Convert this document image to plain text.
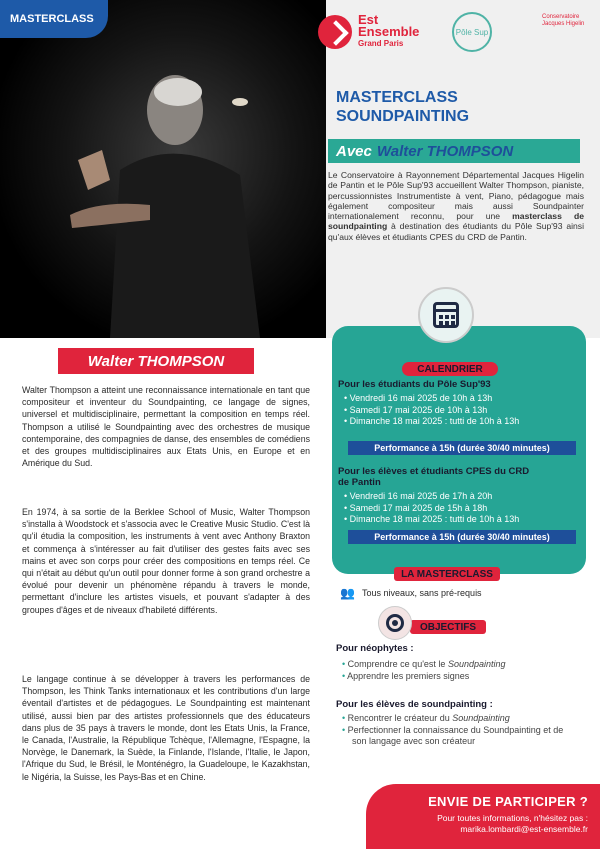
MASTERCLASS	Est
Ensemble
Grand Paris
Pôle Sup
Conservatoire Jacques Higelin
MASTERCLASS
SOUNDPAINTING
Avec Walter THOMPSON
Le Conservatoire à Rayonnement Départemental Jacques Higelin de Pantin et le Pôle Sup'93 accueillent Walter Thompson, pianiste, percussionnistes Instrumentiste à vent, Piano, pédagogue mais également compositeur mais aussi Soundpainter internationalement reconnu, pour une masterclass de soundpainting à destination des étudiants du Pôle Sup'93 ainsi qu'aux élèves et étudiants CPES du CRD de Pantin.
CALENDRIER
Pour les étudiants du Pôle Sup'93
• Vendredi 16 mai 2025 de 10h à 13h
• Samedi 17 mai 2025 de 10h à 13h
• Dimanche 18 mai 2025 : tutti de 10h à 13h
Performance à 15h (durée 30/40 minutes)
Pour les élèves et étudiants CPES du CRD
de Pantin
• Vendredi 16 mai 2025 de 17h à 20h
• Samedi 17 mai 2025 de 15h à 18h
• Dimanche 18 mai 2025 : tutti de 10h à 13h
Performance à 15h (durée 30/40 minutes)
LA MASTERCLASS
👥 Tous niveaux, sans pré-requis
OBJECTIFS
Pour néophytes :
• Comprendre ce qu'est le Soundpainting
• Apprendre les premiers signes
Pour les élèves de soundpainting :
• Rencontrer le créateur du Soundpainting
• Perfectionner la connaissance du Soundpainting et de son langage avec son créateur
Walter THOMPSON

Walter Thompson a atteint une reconnaissance internationale en tant que compositeur et inventeur du Soundpainting, ce langage de signes, universel et multidisciplinaire, permettant la composition en temps réel. Thompson a utilisé le Soundpainting avec des orchestres de musique contemporaine, des compagnies de danse, des ensembles de comédiens et des groupes multidisciplinaires aux Etats Unis, en Europe et en Amérique du Sud.

En 1974, à sa sortie de la Berklee School of Music, Walter Thompson s'installa à Woodstock et s'associa avec le Creative Music Studio. C'est là qu'il étudia la composition, les instruments à vent avec Anthony Braxton et commença à s'intéresser au fait d'utiliser des gestes faits avec ses mains et avec son corps pour créer des compositions en temps réel. Ce qui n'était au début qu'un outil pour donner forme à son grand orchestre a évolué pour devenir un phénomène répandu à travers le monde, permettant d'inclure les artistes visuels, et pouvant s'adapter à des groupes d'âges et de niveaux d'habileté différents.

Le langage continue à se développer à travers les performances de Thompson, les Think Tanks internationaux et les contributions d'un large éventail d'artistes et de pédagogues. Le Soundpainting est maintenant utilisé, aussi bien par des artistes professionnels que des éducateurs dans plus de 35 pays à travers le monde, dont les Etats Unis, la France, le Canada, l'Australie, la République Tchèque, l'Allemagne, l'Espagne, la Norvège, le Danemark, la Suède, la Finlande, l'Islande, l'Italie, le Japon, l'Afrique du Sud, le Brésil, le Monténégro, la Guadeloupe, le Kazakhstan, le Nigéria, la Suisse, les Pays-Bas et en Chine.

ENVIE DE PARTICIPER ?
Pour toutes informations, n'hésitez pas :
marika.lombardi@est-ensemble.fr
